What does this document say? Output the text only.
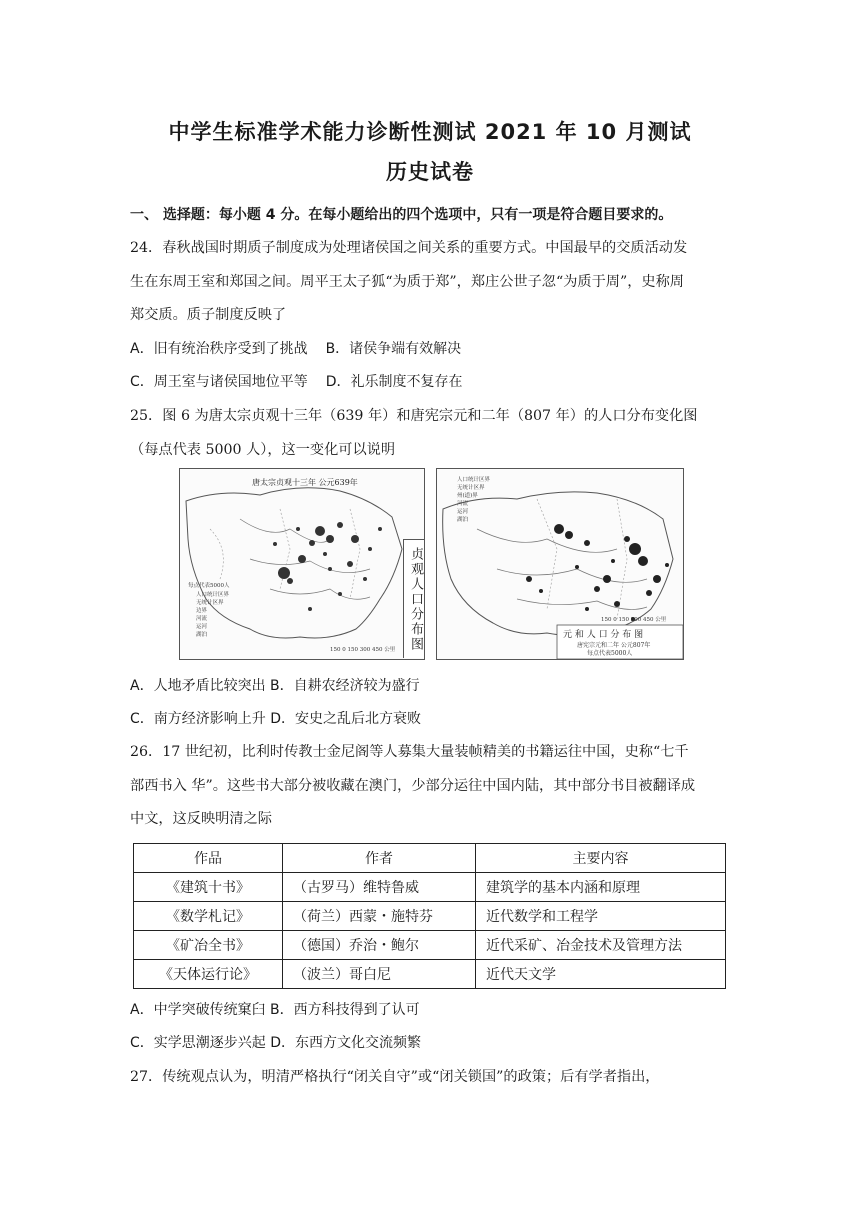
中学生标准学术能力诊断性测试 2021 年 10 月测试
历史试卷
一、 选择题：每小题 4 分。在每小题给出的四个选项中，只有一项是符合题目要求的。
24．春秋战国时期质子制度成为处理诸侯国之间关系的重要方式。中国最早的交质活动发
生在东周王室和郑国之间。周平王太子狐“为质于郑”，郑庄公世子忽“为质于周”，史称周
郑交质。质子制度反映了
A．旧有统治秩序受到了挑战 B．诸侯争端有效解决
C．周王室与诸侯国地位平等 D．礼乐制度不复存在
25．图 6 为唐太宗贞观十三年（639 年）和唐宪宗元和二年（807 年）的人口分布变化图
（每点代表 5000 人），这一变化可以说明
唐太宗贞观十三年 公元639年
每点代表5000人
人口统计区界
无统计区界
边界
河流
运河
湖泊
150 0 150 300 450 公里 贞观人口分布图
人口统计区界
无统计区界
州(道)界
河流
运河
湖泊
150 0 150 300 450 公里
元 和 人 口 分 布 图
唐宪宗元和二年 公元807年
每点代表5000人
A．人地矛盾比较突出 B．自耕农经济较为盛行
C．南方经济影响上升 D．安史之乱后北方衰败
26．17 世纪初，比利时传教士金尼阁等人募集大量装帧精美的书籍运往中国，史称“七千
部西书入 华”。这些书大部分被收藏在澳门，少部分运往中国内陆，其中部分书目被翻译成
中文，这反映明清之际
作品	作者	主要内容
《建筑十书》	（古罗马）维特鲁威	建筑学的基本内涵和原理
《数学札记》	（荷兰）西蒙・施特芬	近代数学和工程学
《矿冶全书》	（德国）乔治・鲍尔	近代采矿、冶金技术及管理方法
《天体运行论》	（波兰）哥白尼	近代天文学
A．中学突破传统窠臼 B．西方科技得到了认可
C．实学思潮逐步兴起 D．东西方文化交流频繁
27．传统观点认为，明清严格执行“闭关自守”或“闭关锁国”的政策；后有学者指出，
